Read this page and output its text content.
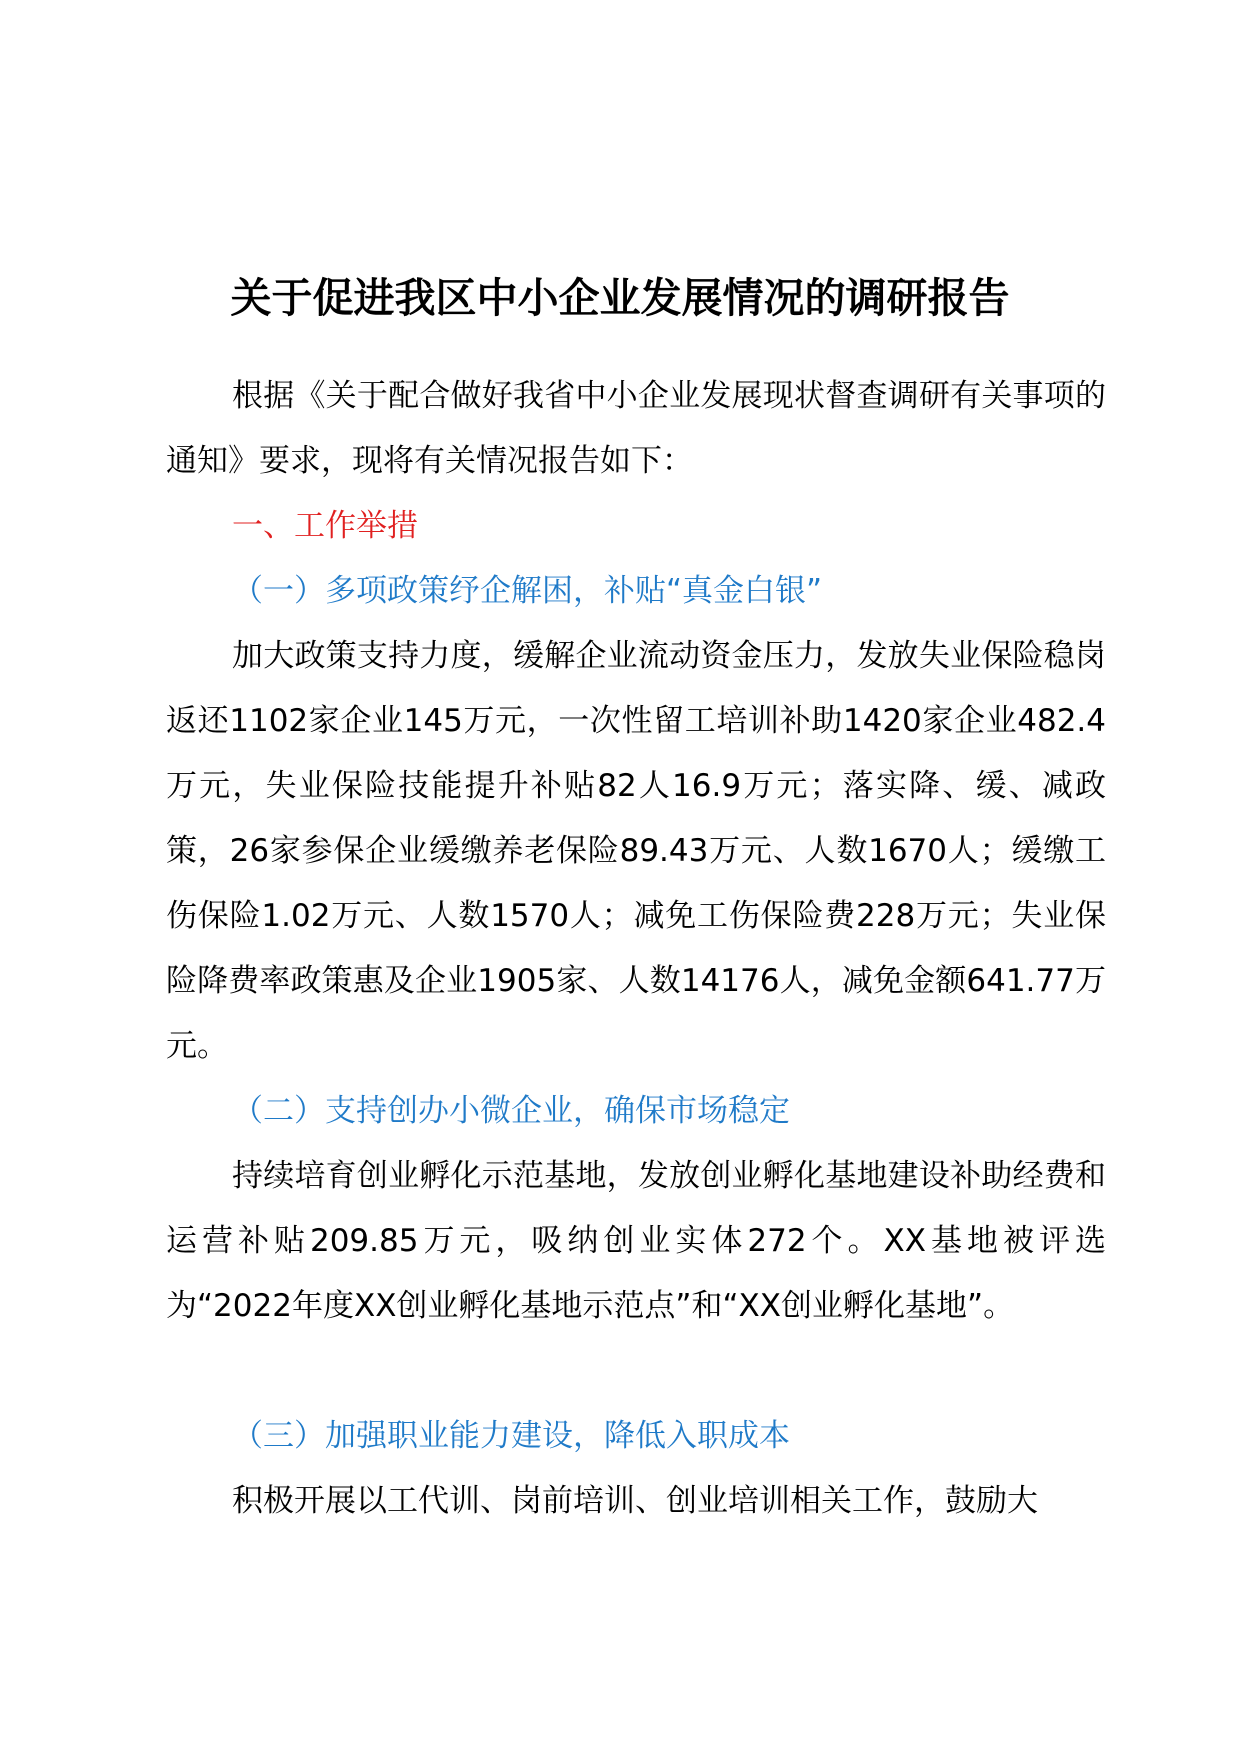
关于促进我区中小企业发展情况的调研报告

根据《关于配合做好我省中小企业发展现状督查调研有关事项的通知》要求，现将有关情况报告如下：

一、工作举措

（一）多项政策纾企解困，补贴“真金白银”

加大政策支持力度，缓解企业流动资金压力，发放失业保险稳岗返还1102家企业145万元，一次性留工培训补助1420家企业482.4万元，失业保险技能提升补贴82人16.9万元；落实降、缓、减政策，26家参保企业缓缴养老保险89.43万元、人数1670人；缓缴工伤保险1.02万元、人数1570人；减免工伤保险费228万元；失业保险降费率政策惠及企业1905家、人数14176人，减免金额641.77万元。

（二）支持创办小微企业，确保市场稳定

持续培育创业孵化示范基地，发放创业孵化基地建设补助经费和运营补贴209.85万元，吸纳创业实体272个。XX基地被评选为“2022年度XX创业孵化基地示范点”和“XX创业孵化基地”。

（三）加强职业能力建设，降低入职成本

积极开展以工代训、岗前培训、创业培训相关工作，鼓励大
